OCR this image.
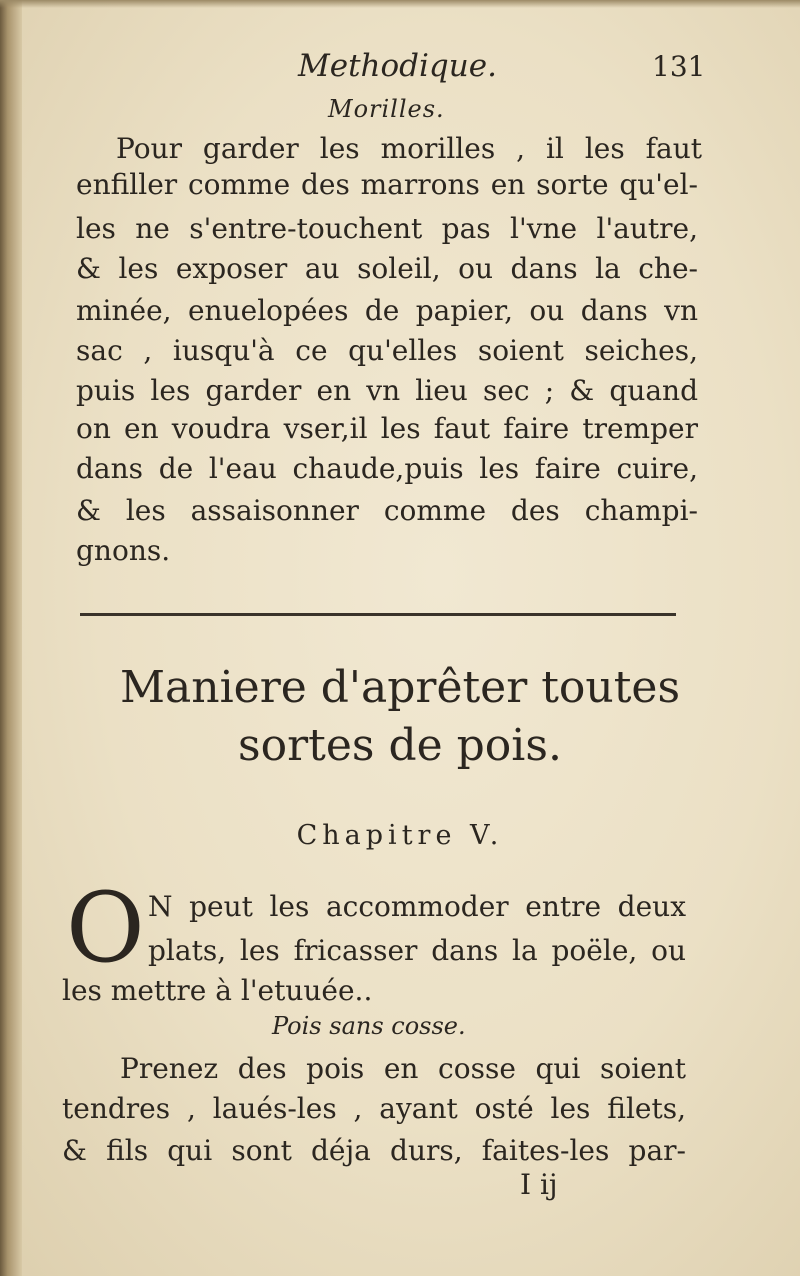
Methodique.	131
Morilles.
Pour garder les morilles , il les faut
enfiller comme des marrons en sorte qu'el-
les ne s'entre-touchent pas l'vne l'autre,
& les exposer au soleil, ou dans la che-
minée, enuelopées de papier, ou dans vn
sac , iusqu'à ce qu'elles soient seiches,
puis les garder en vn lieu sec ; & quand
on en voudra vser,il les faut faire tremper
dans de l'eau chaude,puis les faire cuire,
& les assaisonner comme des champi-
gnons.
Maniere d'aprêter toutes
sortes de pois.
Chapitre V.
O N peut les accommoder entre deux
plats, les fricasser dans la poële, ou
les mettre à l'etuuée..
Pois sans cosse.
Prenez des pois en cosse qui soient
tendres , laués-les , ayant osté les filets,
& fils qui sont déja durs, faites-les par-
I ij
